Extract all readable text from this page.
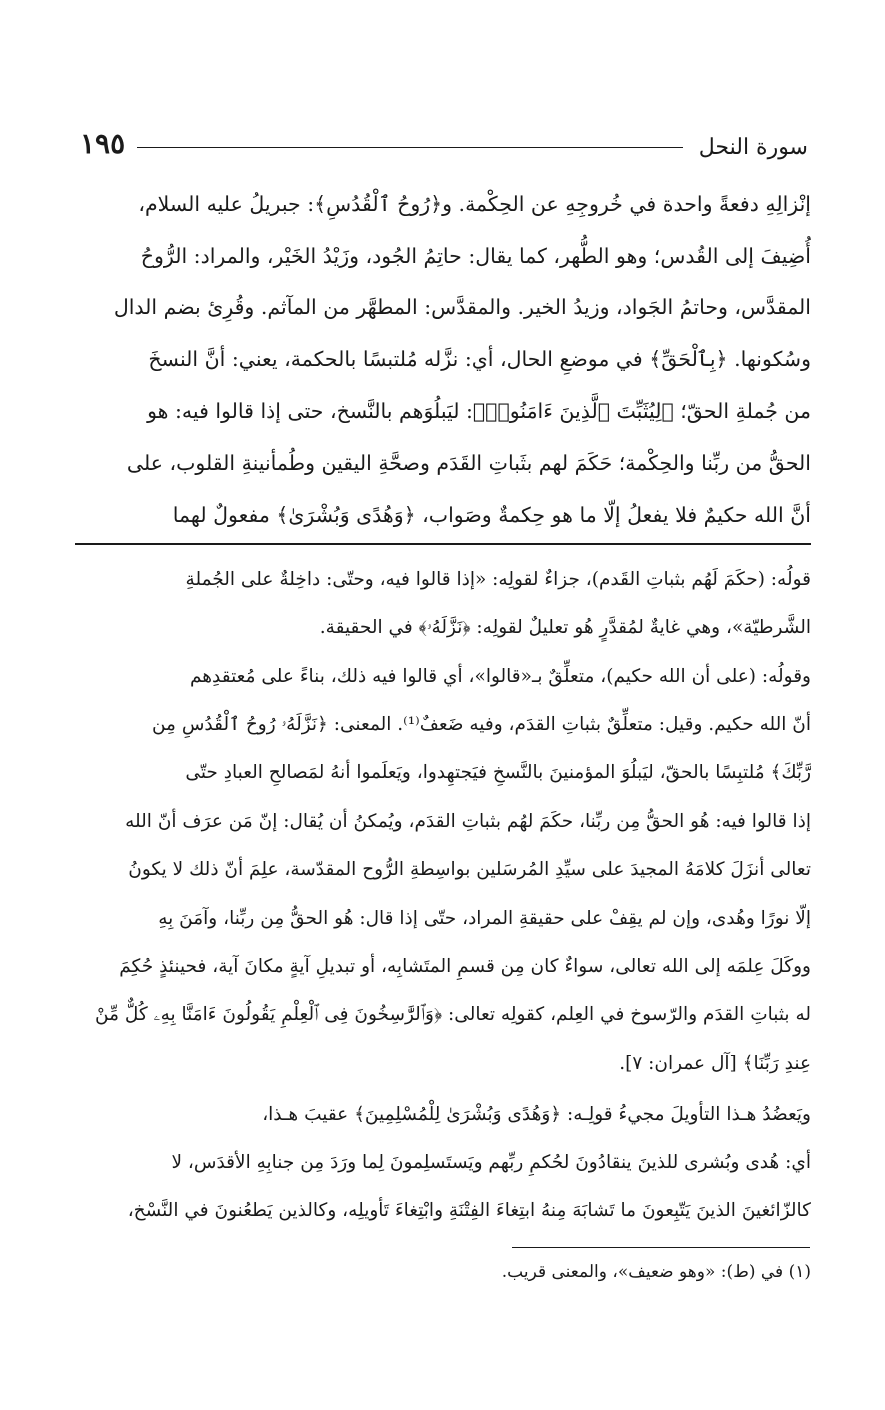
سورة النحل
١٩٥
إنْزالِهِ دفعةً واحدة في خُروجِهِ عن الحِكْمة. و﴿رُوحُ ٱلْقُدُسِ﴾: جبريلُ عليه السلام،
أُضِيفَ إلى القُدس؛ وهو الطُّهر، كما يقال: حاتِمُ الجُود، وزَيْدُ الخَيْر، والمراد: الرُّوحُ
المقدَّس، وحاتمُ الجَواد، وزيدُ الخير. والمقدَّس: المطهَّر من المآثم. وقُرِئ بضم الدال
وسُكونها. ﴿بِٱلْحَقِّ﴾ في موضعِ الحال، أي: نزَّله مُلتبسًا بالحكمة، يعني: أنَّ النسخَ
من جُملةِ الحقّ؛ ﴿لِيُثَبِّتَ ٱلَّذِينَ ءَامَنُوا۟﴾: ليَبلُوَهم بالنَّسخ، حتى إذا قالوا فيه: هو
الحقُّ من ربِّنا والحِكْمة؛ حَكَمَ لهم بثَباتِ القَدَم وصحَّةِ اليقين وطُمأنينةِ القلوب، على
أنَّ الله حكيمٌ فلا يفعلُ إلّا ما هو حِكمةٌ وصَواب، ﴿وَهُدًى وَبُشْرَىٰ﴾ مفعولٌ لهما
قولُه: (حكَمَ لَهُم بثباتِ القَدم)، جزاءٌ لقولِه: «إذا قالوا فيه، وحتّى: داخِلةٌ على الجُملةِ
الشَّرطيّة»، وهي غايةٌ لمُقدَّرٍ هُو تعليلٌ لقولِه: ﴿نَزَّلَهُۥ﴾ في الحقيقة.
وقولُه: (على أن الله حكيم)، متعلِّقٌ بـ«قالوا»، أي قالوا فيه ذلك، بناءً على مُعتقدِهم
أنّ الله حكيم. وقيل: متعلِّقٌ بثباتِ القدَم، وفيه ضَعفٌ⁽¹⁾. المعنى: ﴿نَزَّلَهُۥ رُوحُ ٱلْقُدُسِ مِن
رَّبِّكَ﴾ مُلتبِسًا بالحقّ، ليَبلُوَ المؤمنينَ بالنَّسخِ فيَجتهِدوا، ويَعلَموا أنهُ لمَصالحِ العبادِ حتّى
إذا قالوا فيه: هُو الحقُّ مِن ربِّنا، حكَمَ لهُم بثباتِ القدَم، ويُمكنُ أن يُقال: إنّ مَن عرَف أنّ الله
تعالى أنزَلَ كلامَهُ المجيدَ على سيِّدِ المُرسَلين بواسِطةِ الرُّوح المقدّسة، علِمَ أنّ ذلك لا يكونُ
إلّا نورًا وهُدى، وإن لم يقِفْ على حقيقةِ المراد، حتّى إذا قال: هُو الحقُّ مِن ربِّنا، وآمَنَ بِهِ
ووكَلَ عِلمَه إلى الله تعالى، سواءٌ كان مِن قسمِ المتَشابِه، أو تبديلِ آيةٍ مكانَ آية، فحينئذٍ حُكِمَ
له بثباتِ القدَم والرّسوخ في العِلم، كقولِه تعالى: ﴿وَٱلرَّٰسِخُونَ فِى ٱلْعِلْمِ يَقُولُونَ ءَامَنَّا بِهِۦ كُلٌّ مِّنْ
عِندِ رَبِّنَا﴾ [آل عمران: ٧].
ويَعضُدُ هـذا التأويلَ مجيءُ قولِـه: ﴿وَهُدًى وَبُشْرَىٰ لِلْمُسْلِمِينَ﴾ عقيبَ هـذا،
أي: هُدى وبُشرى للذينَ ينقادُونَ لحُكمِ ربِّهم ويَستَسلِمونَ لِما ورَدَ مِن جنابِهِ الأقدَس، لا
كالزّائغينَ الذينَ يَتّبِعونَ ما تَشابَهَ مِنهُ ابتِغاءَ الفِتْنَةِ وابْتِغاءَ تَأويلِه، وكالذين يَطعُنونَ في النَّسْخ،
(١) في (ط): «وهو ضعيف»، والمعنى قريب.
